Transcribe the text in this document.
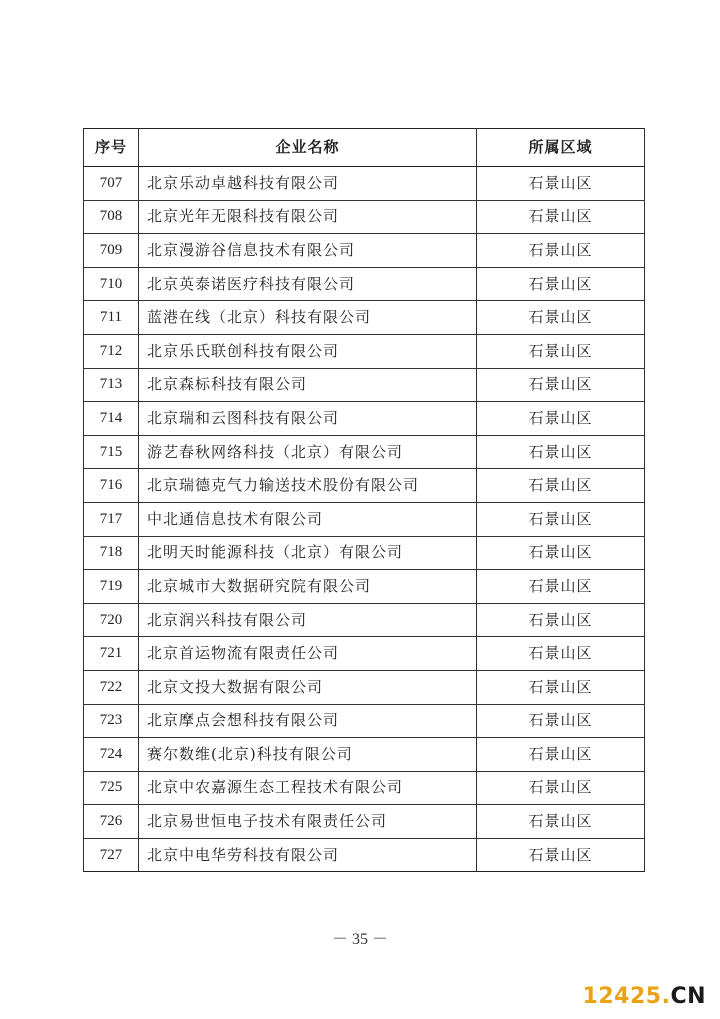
序号	企业名称	所属区域
707	北京乐动卓越科技有限公司	石景山区
708	北京光年无限科技有限公司	石景山区
709	北京漫游谷信息技术有限公司	石景山区
710	北京英泰诺医疗科技有限公司	石景山区
711	蓝港在线（北京）科技有限公司	石景山区
712	北京乐氏联创科技有限公司	石景山区
713	北京森标科技有限公司	石景山区
714	北京瑞和云图科技有限公司	石景山区
715	游艺春秋网络科技（北京）有限公司	石景山区
716	北京瑞德克气力输送技术股份有限公司	石景山区
717	中北通信息技术有限公司	石景山区
718	北明天时能源科技（北京）有限公司	石景山区
719	北京城市大数据研究院有限公司	石景山区
720	北京润兴科技有限公司	石景山区
721	北京首运物流有限责任公司	石景山区
722	北京文投大数据有限公司	石景山区
723	北京摩点会想科技有限公司	石景山区
724	赛尔数维(北京)科技有限公司	石景山区
725	北京中农嘉源生态工程技术有限公司	石景山区
726	北京易世恒电子技术有限责任公司	石景山区
727	北京中电华劳科技有限公司	石景山区
－ 35 －
12425.CN
